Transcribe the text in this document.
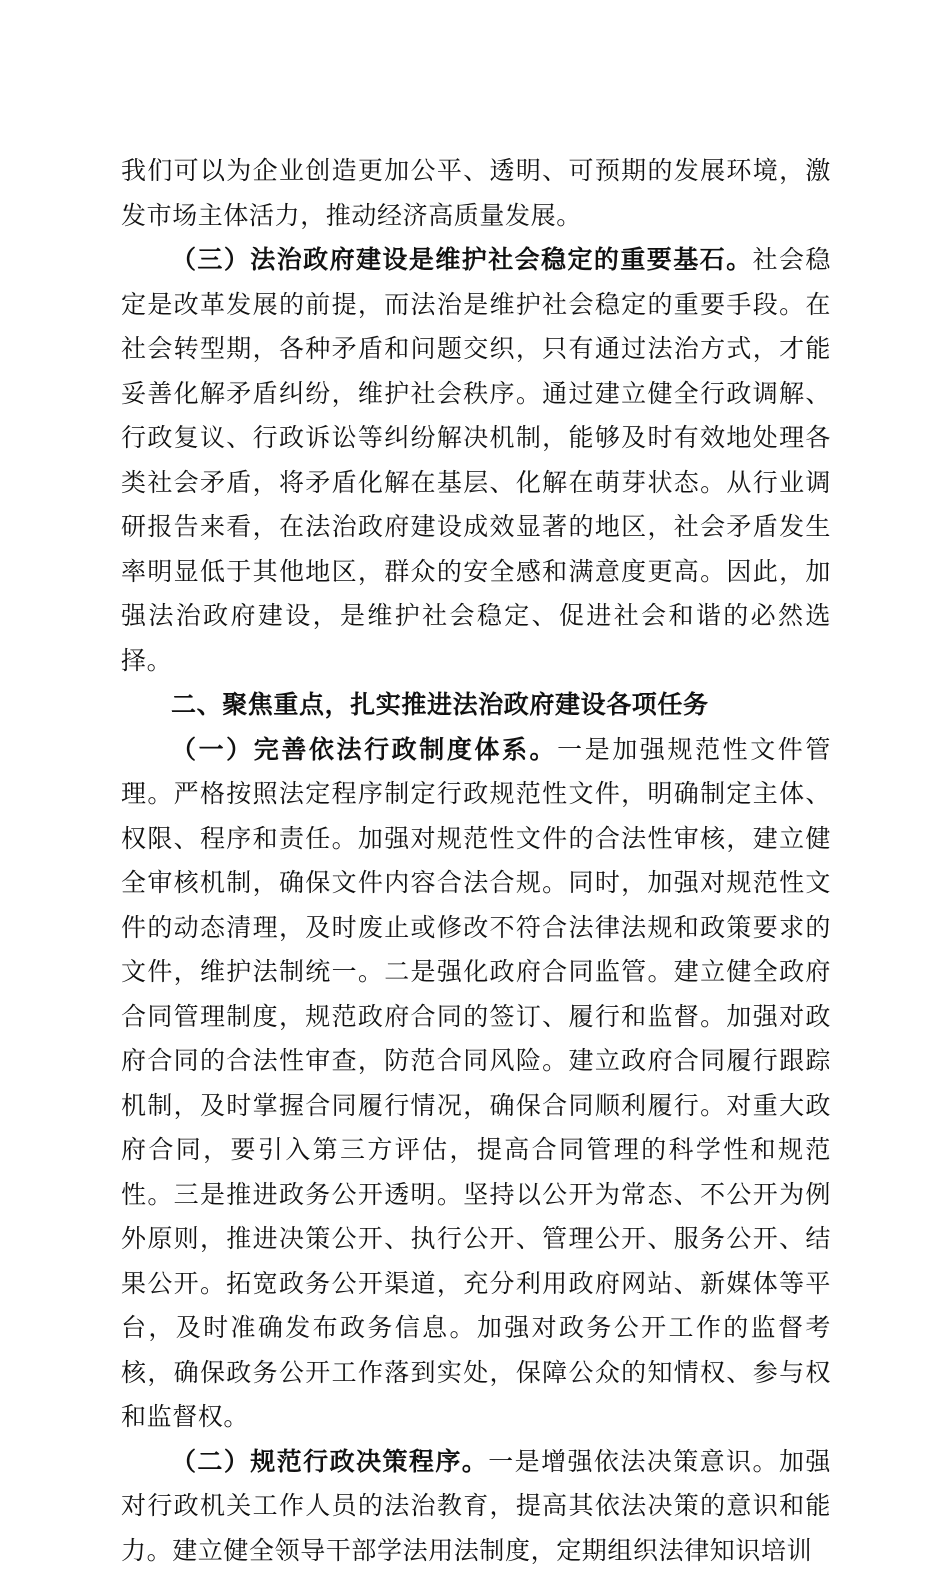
我们可以为企业创造更加公平、透明、可预期的发展环境，激发市场主体活力，推动经济高质量发展。

（三）法治政府建设是维护社会稳定的重要基石。社会稳定是改革发展的前提，而法治是维护社会稳定的重要手段。在社会转型期，各种矛盾和问题交织，只有通过法治方式，才能妥善化解矛盾纠纷，维护社会秩序。通过建立健全行政调解、行政复议、行政诉讼等纠纷解决机制，能够及时有效地处理各类社会矛盾，将矛盾化解在基层、化解在萌芽状态。从行业调研报告来看，在法治政府建设成效显著的地区，社会矛盾发生率明显低于其他地区，群众的安全感和满意度更高。因此，加强法治政府建设，是维护社会稳定、促进社会和谐的必然选择。

二、聚焦重点，扎实推进法治政府建设各项任务

（一）完善依法行政制度体系。一是加强规范性文件管理。严格按照法定程序制定行政规范性文件，明确制定主体、权限、程序和责任。加强对规范性文件的合法性审核，建立健全审核机制，确保文件内容合法合规。同时，加强对规范性文件的动态清理，及时废止或修改不符合法律法规和政策要求的文件，维护法制统一。二是强化政府合同监管。建立健全政府合同管理制度，规范政府合同的签订、履行和监督。加强对政府合同的合法性审查，防范合同风险。建立政府合同履行跟踪机制，及时掌握合同履行情况，确保合同顺利履行。对重大政府合同，要引入第三方评估，提高合同管理的科学性和规范性。三是推进政务公开透明。坚持以公开为常态、不公开为例外原则，推进决策公开、执行公开、管理公开、服务公开、结果公开。拓宽政务公开渠道，充分利用政府网站、新媒体等平台，及时准确发布政务信息。加强对政务公开工作的监督考核，确保政务公开工作落到实处，保障公众的知情权、参与权和监督权。

（二）规范行政决策程序。一是增强依法决策意识。加强对行政机关工作人员的法治教育，提高其依法决策的意识和能力。建立健全领导干部学法用法制度，定期组织法律知识培训
